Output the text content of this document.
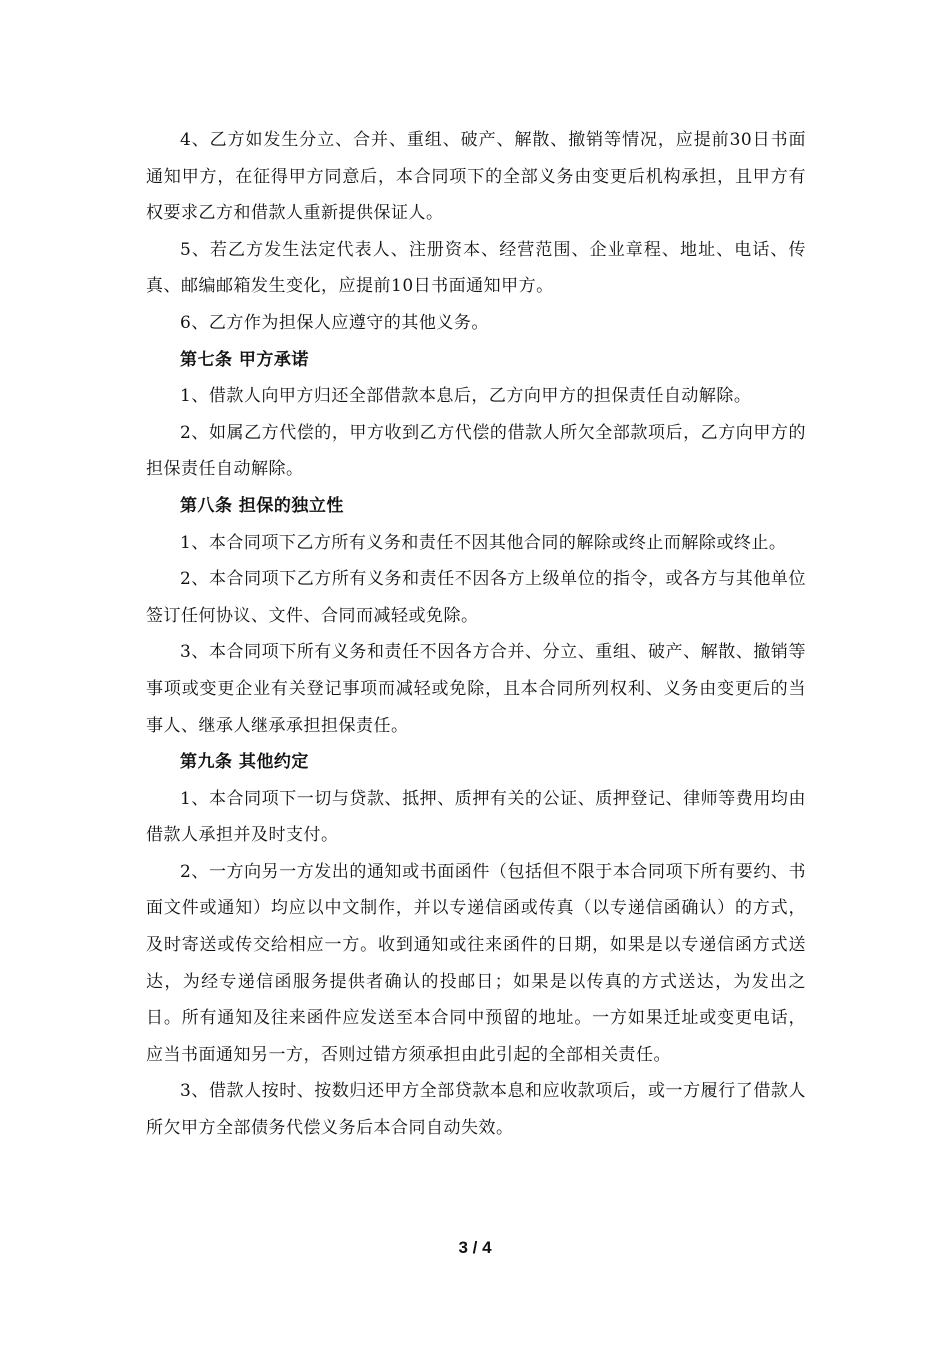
4、乙方如发生分立、合并、重组、破产、解散、撤销等情况，应提前30日书面通知甲方，在征得甲方同意后，本合同项下的全部义务由变更后机构承担，且甲方有权要求乙方和借款人重新提供保证人。

5、若乙方发生法定代表人、注册资本、经营范围、企业章程、地址、电话、传真、邮编邮箱发生变化，应提前10日书面通知甲方。

6、乙方作为担保人应遵守的其他义务。

第七条 甲方承诺

1、借款人向甲方归还全部借款本息后，乙方向甲方的担保责任自动解除。

2、如属乙方代偿的，甲方收到乙方代偿的借款人所欠全部款项后，乙方向甲方的担保责任自动解除。

第八条 担保的独立性

1、本合同项下乙方所有义务和责任不因其他合同的解除或终止而解除或终止。

2、本合同项下乙方所有义务和责任不因各方上级单位的指令，或各方与其他单位签订任何协议、文件、合同而减轻或免除。

3、本合同项下所有义务和责任不因各方合并、分立、重组、破产、解散、撤销等事项或变更企业有关登记事项而减轻或免除，且本合同所列权利、义务由变更后的当事人、继承人继承承担担保责任。

第九条 其他约定

1、本合同项下一切与贷款、抵押、质押有关的公证、质押登记、律师等费用均由借款人承担并及时支付。

2、一方向另一方发出的通知或书面函件（包括但不限于本合同项下所有要约、书面文件或通知）均应以中文制作，并以专递信函或传真（以专递信函确认）的方式，及时寄送或传交给相应一方。收到通知或往来函件的日期，如果是以专递信函方式送达，为经专递信函服务提供者确认的投邮日；如果是以传真的方式送达，为发出之日。所有通知及往来函件应发送至本合同中预留的地址。一方如果迁址或变更电话，应当书面通知另一方，否则过错方须承担由此引起的全部相关责任。

3、借款人按时、按数归还甲方全部贷款本息和应收款项后，或一方履行了借款人所欠甲方全部债务代偿义务后本合同自动失效。

3 / 4
